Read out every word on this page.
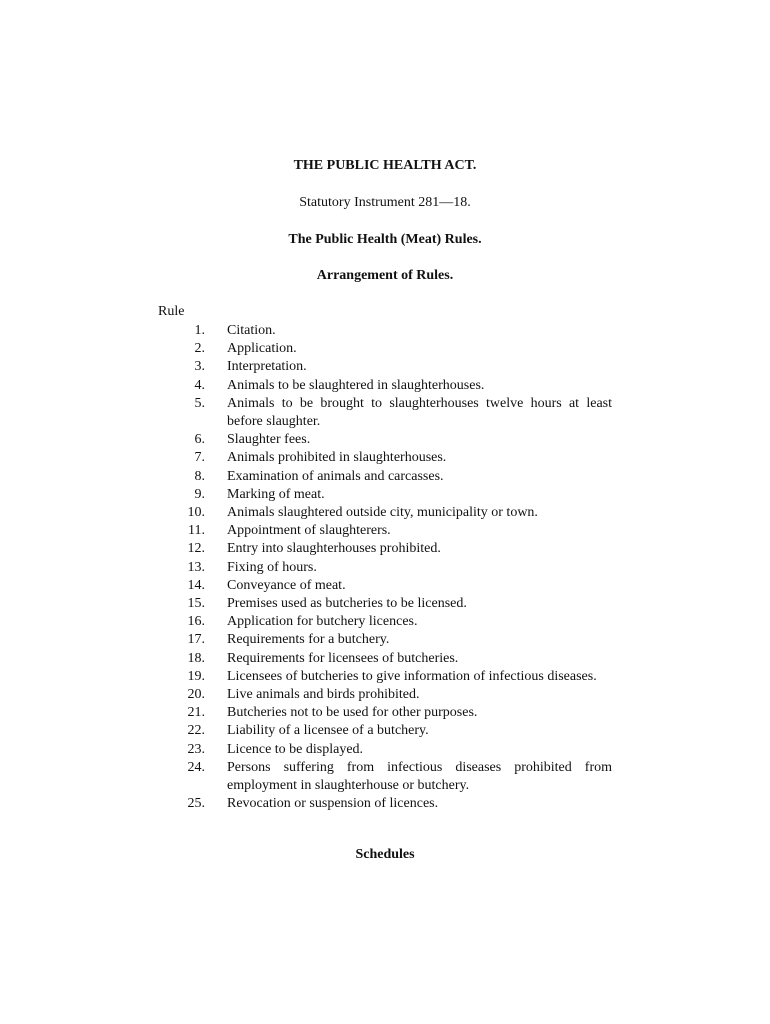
THE PUBLIC HEALTH ACT.
Statutory Instrument 281—18.
The Public Health (Meat) Rules.
Arrangement of Rules.
Rule
1. Citation.
2. Application.
3. Interpretation.
4. Animals to be slaughtered in slaughterhouses.
5. Animals to be brought to slaughterhouses twelve hours at least before slaughter.
6. Slaughter fees.
7. Animals prohibited in slaughterhouses.
8. Examination of animals and carcasses.
9. Marking of meat.
10. Animals slaughtered outside city, municipality or town.
11. Appointment of slaughterers.
12. Entry into slaughterhouses prohibited.
13. Fixing of hours.
14. Conveyance of meat.
15. Premises used as butcheries to be licensed.
16. Application for butchery licences.
17. Requirements for a butchery.
18. Requirements for licensees of butcheries.
19. Licensees of butcheries to give information of infectious diseases.
20. Live animals and birds prohibited.
21. Butcheries not to be used for other purposes.
22. Liability of a licensee of a butchery.
23. Licence to be displayed.
24. Persons suffering from infectious diseases prohibited from employment in slaughterhouse or butchery.
25. Revocation or suspension of licences.
Schedules
